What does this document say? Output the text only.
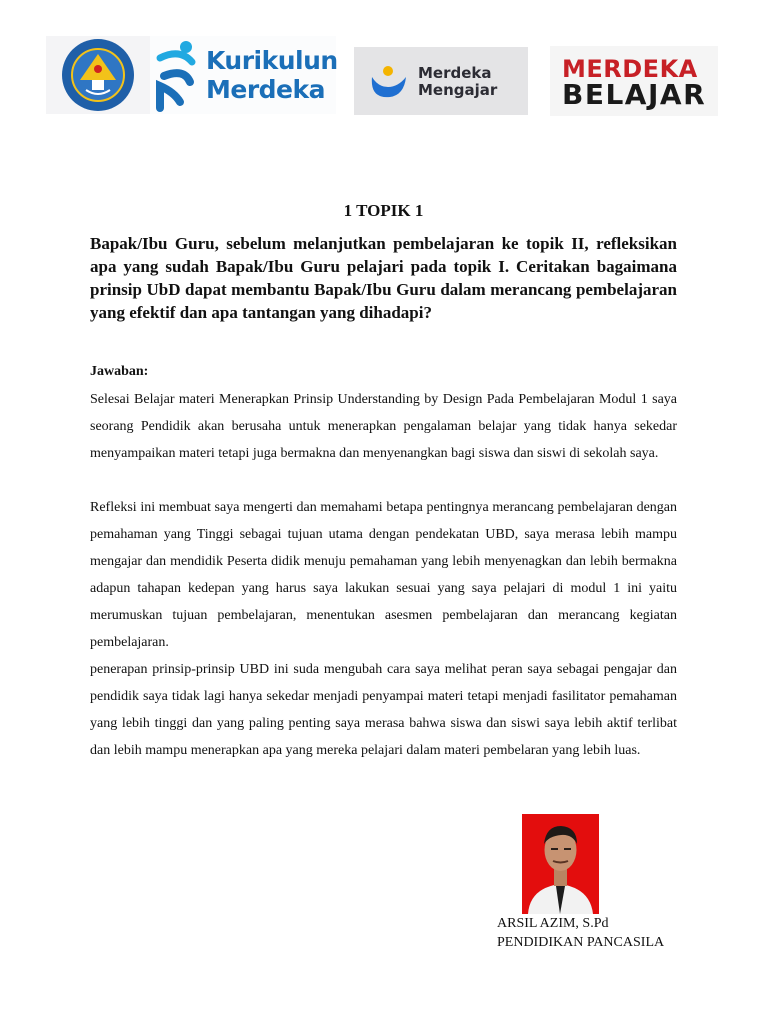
Kurikulun
Merdeka
Merdeka
Mengajar
MERDEKA
BELAJAR
1 TOPIK 1

Bapak/Ibu Guru, sebelum melanjutkan pembelajaran ke topik II, refleksikan apa yang sudah Bapak/Ibu Guru pelajari pada topik I. Ceritakan bagaimana prinsip UbD dapat membantu Bapak/Ibu Guru dalam merancang pembelajaran yang efektif dan apa tantangan yang dihadapi?

Jawaban:

Selesai Belajar materi Menerapkan Prinsip Understanding by Design Pada Pembelajaran Modul 1 saya seorang Pendidik akan berusaha untuk menerapkan pengalaman belajar yang tidak hanya sekedar menyampaikan materi tetapi juga bermakna dan menyenangkan bagi siswa dan siswi di sekolah saya.

Refleksi ini membuat saya mengerti dan memahami betapa pentingnya merancang pembelajaran dengan pemahaman yang Tinggi sebagai tujuan utama dengan pendekatan UBD, saya merasa lebih mampu mengajar dan mendidik Peserta didik menuju pemahaman yang lebih menyenagkan dan lebih bermakna adapun tahapan kedepan yang harus saya lakukan sesuai yang saya pelajari di modul 1 ini yaitu merumuskan tujuan pembelajaran, menentukan asesmen pembelajaran dan merancang kegiatan pembelajaran.

penerapan prinsip-prinsip UBD ini suda mengubah cara saya melihat peran saya sebagai pengajar dan pendidik saya tidak lagi hanya sekedar menjadi penyampai materi tetapi menjadi fasilitator pemahaman yang lebih tinggi dan yang paling penting saya merasa bahwa siswa dan siswi saya lebih aktif terlibat dan lebih mampu menerapkan apa yang mereka pelajari dalam materi pembelaran yang lebih luas.

ARSIL AZIM, S.Pd
PENDIDIKAN PANCASILA
